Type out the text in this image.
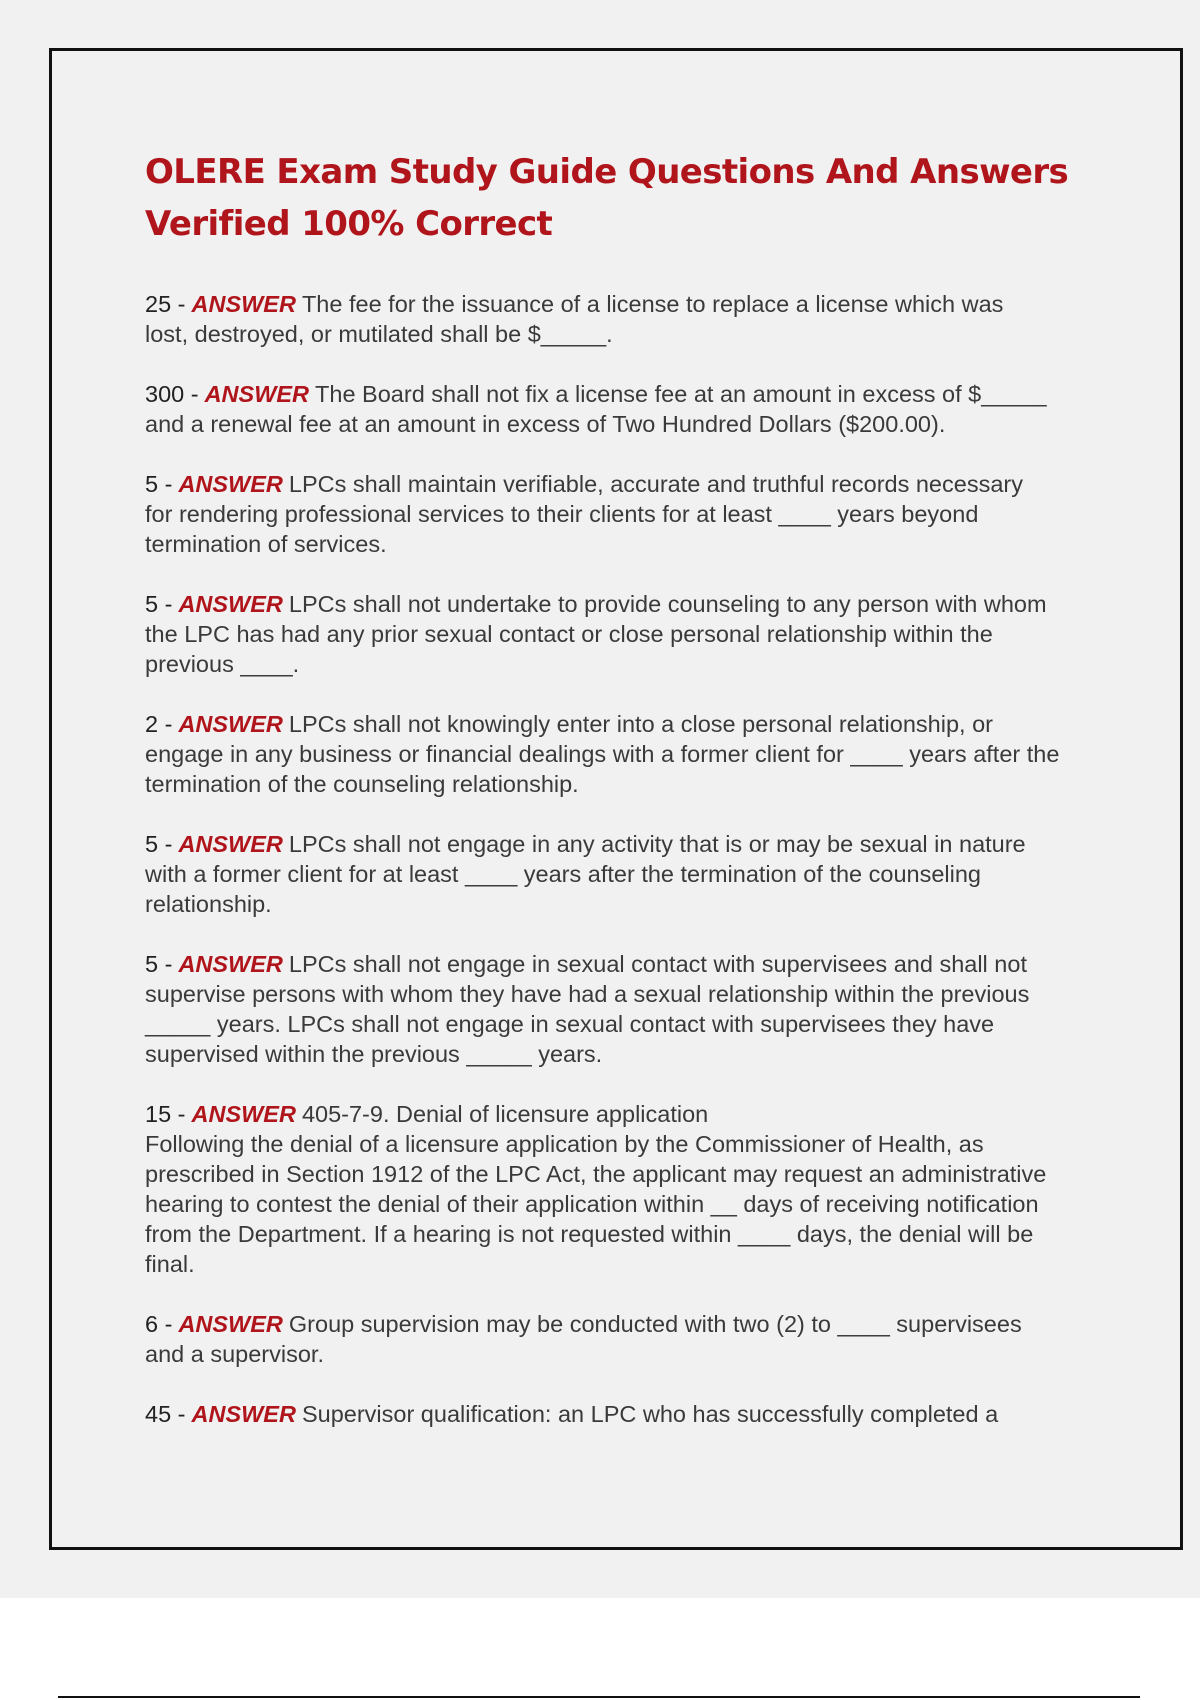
OLERE Exam Study Guide Questions And Answers
Verified 100% Correct
25 - ANSWER The fee for the issuance of a license to replace a license which was
lost, destroyed, or mutilated shall be $_____.
300 - ANSWER The Board shall not fix a license fee at an amount in excess of $_____
and a renewal fee at an amount in excess of Two Hundred Dollars ($200.00).
5 - ANSWER LPCs shall maintain verifiable, accurate and truthful records necessary
for rendering professional services to their clients for at least ____ years beyond
termination of services.
5 - ANSWER LPCs shall not undertake to provide counseling to any person with whom
the LPC has had any prior sexual contact or close personal relationship within the
previous ____.
2 - ANSWER LPCs shall not knowingly enter into a close personal relationship, or
engage in any business or financial dealings with a former client for ____ years after the
termination of the counseling relationship.
5 - ANSWER LPCs shall not engage in any activity that is or may be sexual in nature
with a former client for at least ____ years after the termination of the counseling
relationship.
5 - ANSWER LPCs shall not engage in sexual contact with supervisees and shall not
supervise persons with whom they have had a sexual relationship within the previous
_____ years. LPCs shall not engage in sexual contact with supervisees they have
supervised within the previous _____ years.
15 - ANSWER 405-7-9. Denial of licensure application
Following the denial of a licensure application by the Commissioner of Health, as
prescribed in Section 1912 of the LPC Act, the applicant may request an administrative
hearing to contest the denial of their application within __ days of receiving notification
from the Department. If a hearing is not requested within ____ days, the denial will be
final.
6 - ANSWER Group supervision may be conducted with two (2) to ____ supervisees
and a supervisor.
45 - ANSWER Supervisor qualification: an LPC who has successfully completed a
